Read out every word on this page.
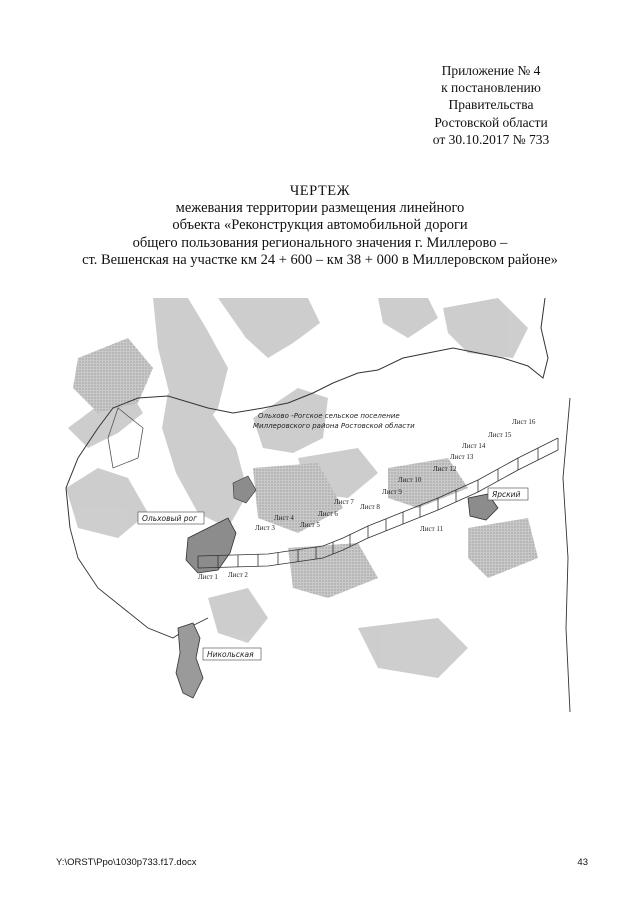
Приложение № 4
к постановлению
Правительства
Ростовской области
от 30.10.2017 № 733
ЧЕРТЕЖ
межевания территории размещения линейного
объекта «Реконструкция автомобильной дороги
общего пользования регионального значения г. Миллерово –
ст. Вешенская на участке км 24 + 600 – км 38 + 000 в Миллеровском районе»
Ольхово -Рогское сельское поселение
Миллеровского района Ростовской области
Ольховый рог
Никольская
Ярский
Лист 1 Лист 2
Лист 3
Лист 4
Лист 5
Лист 6
Лист 7
Лист 8
Лист 9
Лист 10
Лист 11
Лист 12
Лист 13
Лист 14
Лист 15
Лист 16
Y:\ORST\Ppo\1030p733.f17.docx	43
